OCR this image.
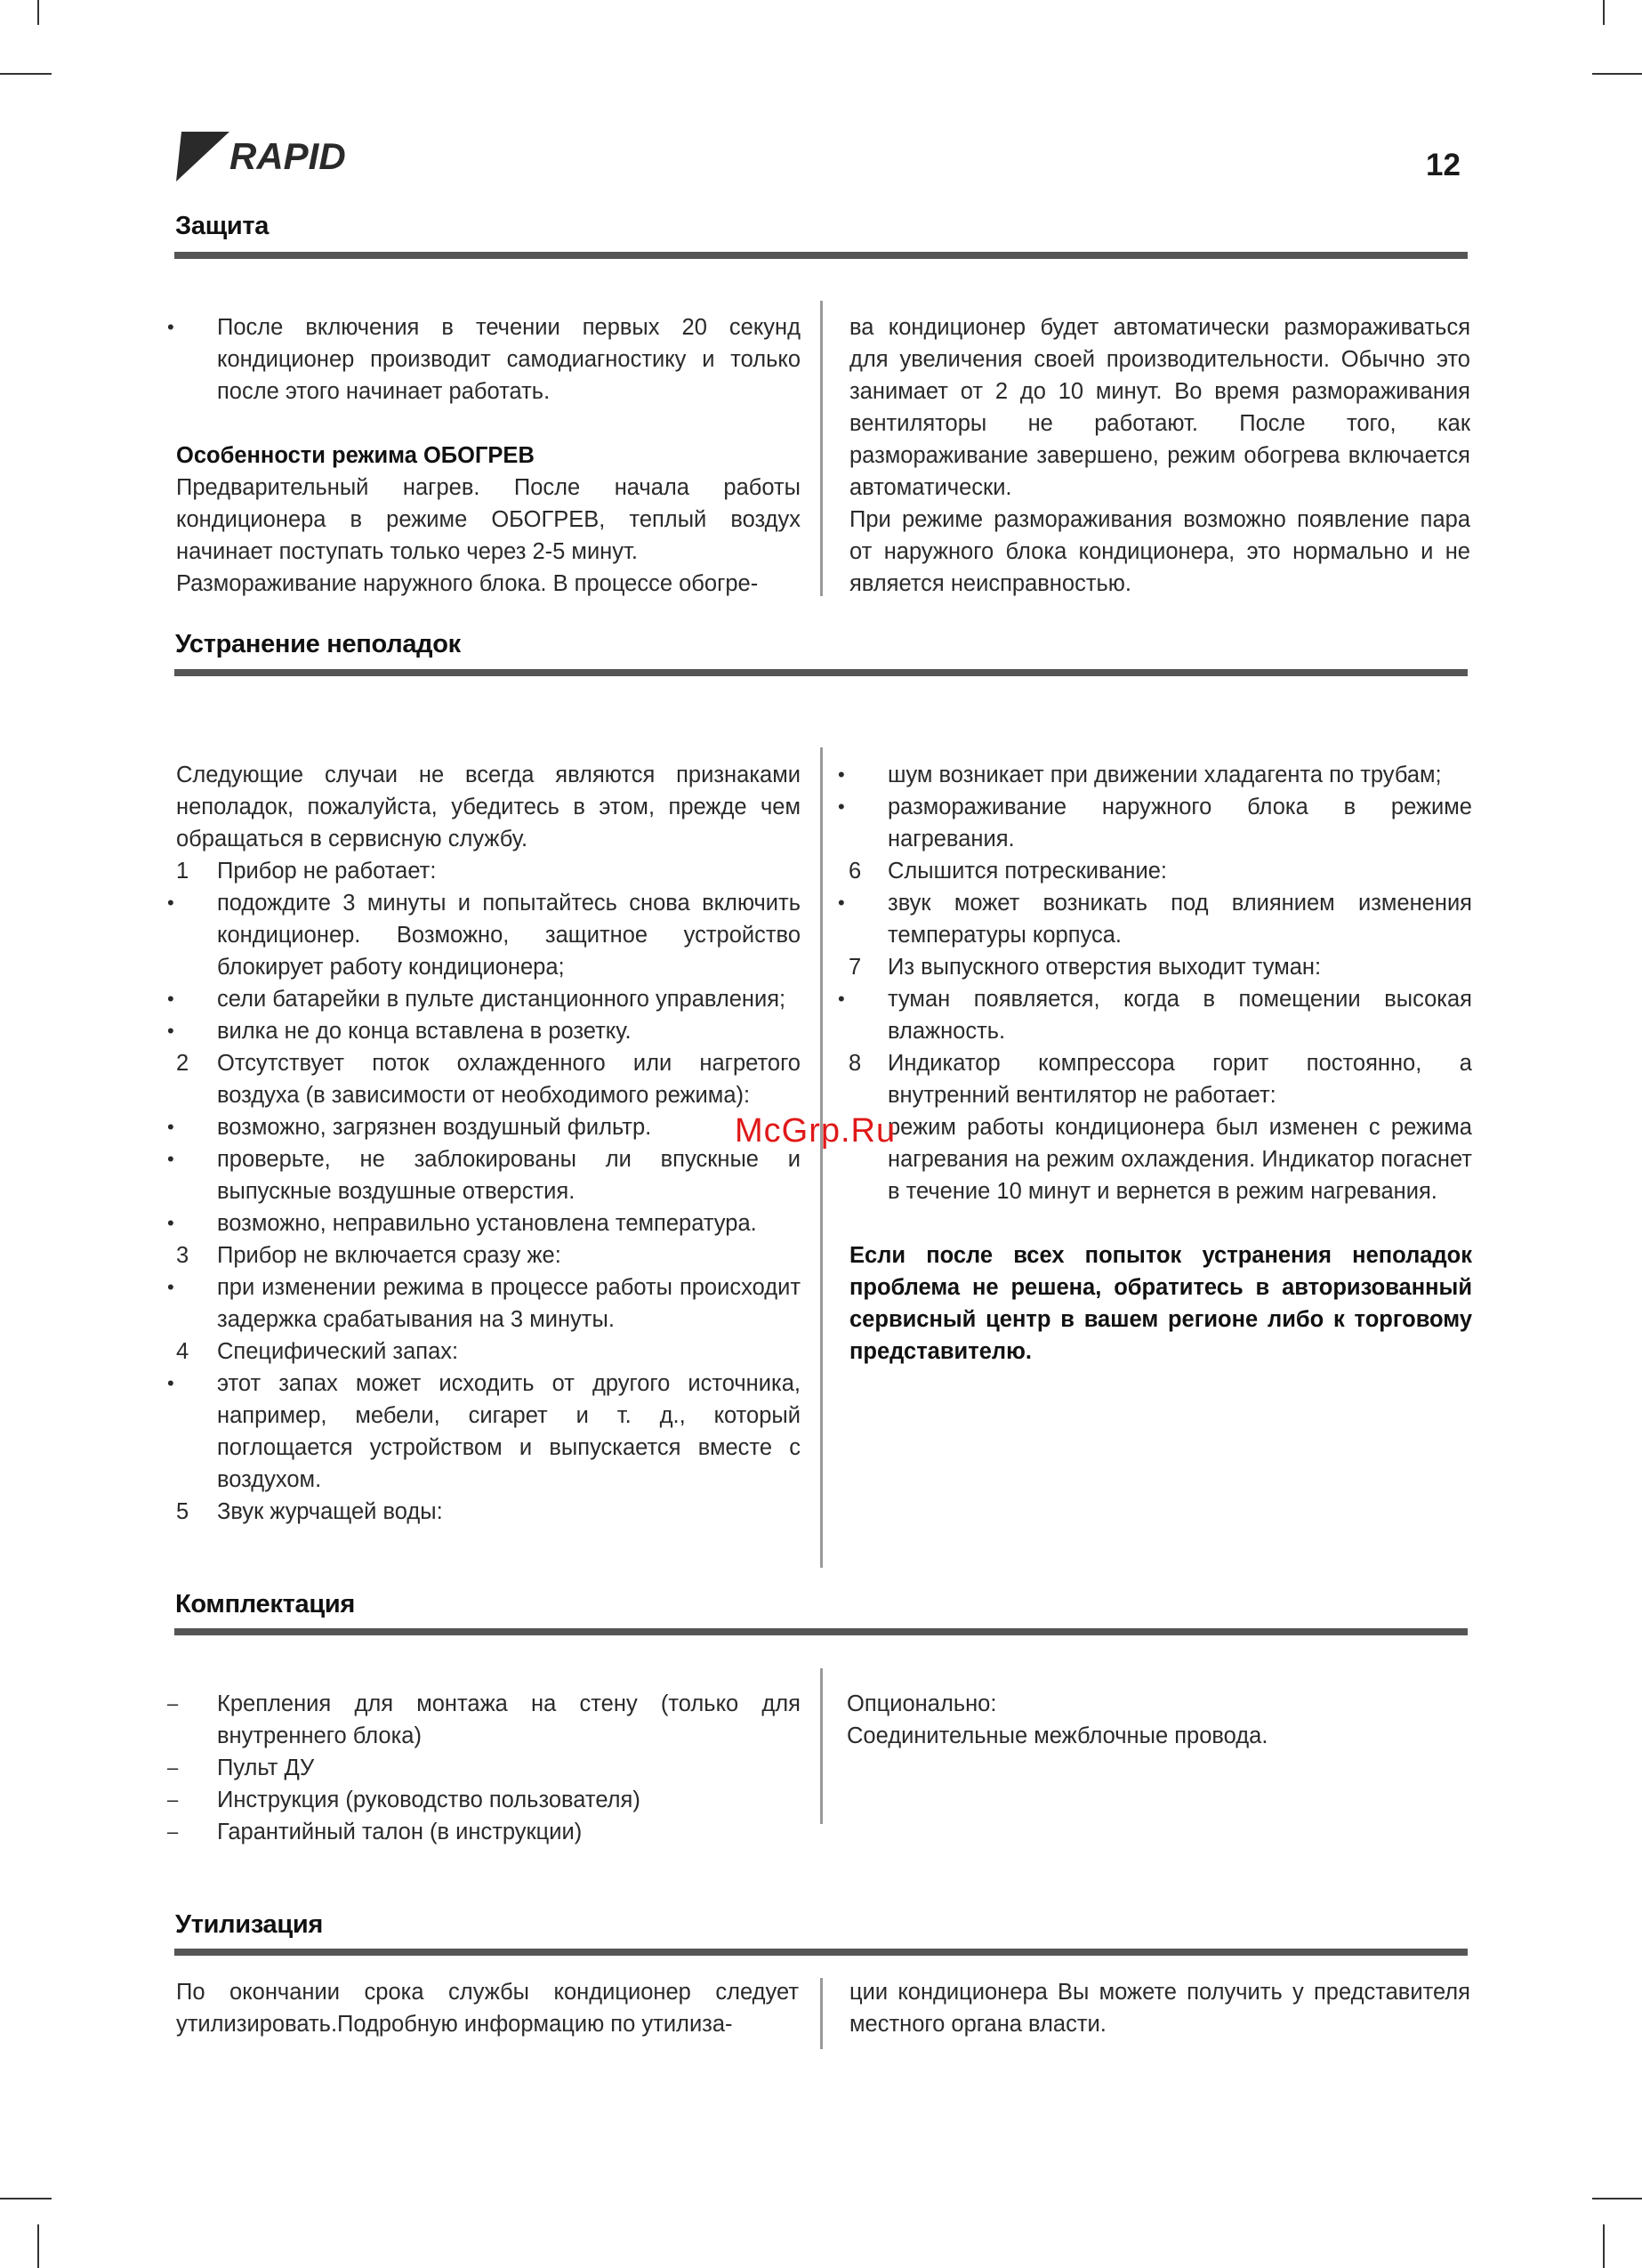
RAPID	12
Защита
•	После включения в течении первых 20 секунд кондиционер производит самодиагностику и только после этого начинает работать.

Особенности режима ОБОГРЕВ

Предварительный нагрев. После начала работы кондиционера в режиме ОБОГРЕВ, теплый воздух начинает поступать только через 2-5 минут.

Размораживание наружного блока. В процессе обогре-

ва кондиционер будет автоматически размораживаться для увеличения своей производительности. Обычно это занимает от 2 до 10 минут. Во время размораживания вентиляторы не работают. После того, как размораживание завершено, режим обогрева включается автоматически.

При режиме размораживания возможно появление пара от наружного блока кондиционера, это нормально и не является неисправностью.

Устранение неполадок

Следующие случаи не всегда являются признаками неполадок, пожалуйста, убедитесь в этом, прежде чем обращаться в сервисную службу.

1	Прибор не работает:
•	подождите 3 минуты и попытайтесь снова включить кондиционер. Возможно, защитное устройство блокирует работу кондиционера;
•	сели батарейки в пульте дистанционного управления;
•	вилка не до конца вставлена в розетку.
2	Отсутствует поток охлажденного или нагретого воздуха (в зависимости от необходимого режима):
•	возможно, загрязнен воздушный фильтр.
•	проверьте, не заблокированы ли впускные и выпускные воздушные отверстия.
•	возможно, неправильно установлена температура.
3	Прибор не включается сразу же:
•	при изменении режима в процессе работы происходит задержка срабатывания на 3 минуты.
4	Специфический запах:
•	этот запах может исходить от другого источника, например, мебели, сигарет и т. д., который поглощается устройством и выпускается вместе с воздухом.
5	Звук журчащей воды:
•	шум возникает при движении хладагента по трубам;
•	размораживание наружного блока в режиме нагревания.
6	Слышится потрескивание:
•	звук может возникать под влиянием изменения температуры корпуса.
7	Из выпускного отверстия выходит туман:
•	туман появляется, когда в помещении высокая влажность.
8	Индикатор компрессора горит постоянно, а внутренний вентилятор не работает:
режим работы кондиционера был изменен с режима нагревания на режим охлаждения. Индикатор погаснет в течение 10 минут и вернется в режим нагревания.

Если после всех попыток устранения неполадок проблема не решена, обратитесь в авторизованный сервисный центр в вашем регионе либо к торговому представителю.

McGrp.Ru
Комплектация
–	Крепления для монтажа на стену (только для внутреннего блока)
–	Пульт ДУ
–	Инструкция (руководство пользователя)
–	Гарантийный талон (в инструкции)

Опционально:

Соединительные межблочные провода.

Утилизация

По окончании срока службы кондиционер следует утилизировать.Подробную информацию по утилиза-

ции кондиционера Вы можете получить у представителя местного органа власти.
